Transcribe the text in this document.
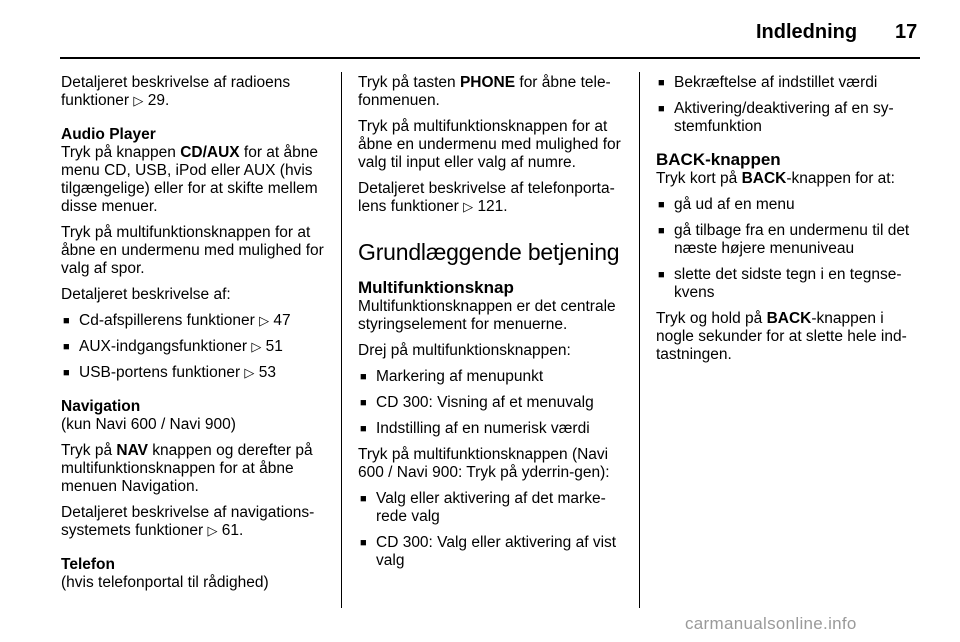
Indledning 17

Detaljeret beskrivelse af radioens funktioner ▷ 29.

Audio Player

Tryk på knappen CD/AUX for at åbne menu CD, USB, iPod eller AUX (hvis tilgængelige) eller for at skifte mellem disse menuer.

Tryk på multifunktionsknappen for at åbne en undermenu med mulighed for valg af spor.

Detaljeret beskrivelse af:

■ Cd-afspillerens funktioner ▷ 47
■ AUX-indgangsfunktioner ▷ 51
■ USB-portens funktioner ▷ 53

Navigation

(kun Navi 600 / Navi 900)

Tryk på NAV knappen og derefter på multifunktionsknappen for at åbne menuen Navigation.

Detaljeret beskrivelse af navigations-systemets funktioner ▷ 61.

Telefon

(hvis telefonportal til rådighed)

Tryk på tasten PHONE for åbne tele-fonmenuen.

Tryk på multifunktionsknappen for at åbne en undermenu med mulighed for valg til input eller valg af numre.

Detaljeret beskrivelse af telefonporta-lens funktioner ▷ 121.

Grundlæggende betjening

Multifunktionsknap

Multifunktionsknappen er det centrale styringselement for menuerne.

Drej på multifunktionsknappen:

■ Markering af menupunkt
■ CD 300: Visning af et menuvalg
■ Indstilling af en numerisk værdi

Tryk på multifunktionsknappen (Navi 600 / Navi 900: Tryk på yderrin-gen):

■ Valg eller aktivering af det marke-rede valg
■ CD 300: Valg eller aktivering af vist valg
■ Bekræftelse af indstillet værdi
■ Aktivering/deaktivering af en sy-stemfunktion

BACK-knappen

Tryk kort på BACK-knappen for at:

■ gå ud af en menu
■ gå tilbage fra en undermenu til det næste højere menuniveau
■ slette det sidste tegn i en tegnse-kvens

Tryk og hold på BACK-knappen i nogle sekunder for at slette hele ind-tastningen.

carmanualsonline.info
